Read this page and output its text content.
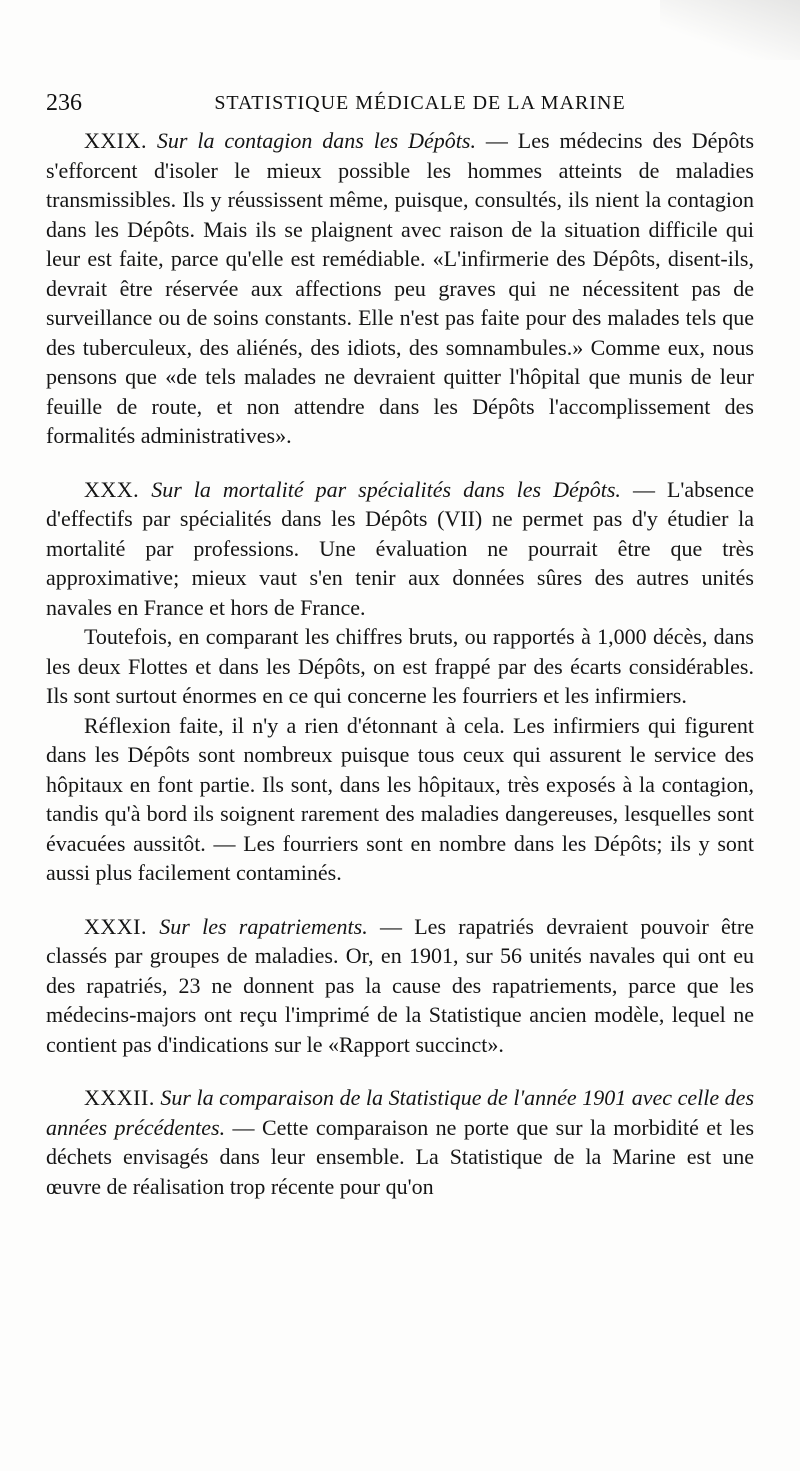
236	STATISTIQUE MÉDICALE DE LA MARINE

XXIX. Sur la contagion dans les Dépôts. — Les médecins des Dépôts s'efforcent d'isoler le mieux possible les hommes atteints de maladies transmissibles. Ils y réussissent même, puisque, consultés, ils nient la contagion dans les Dépôts. Mais ils se plaignent avec raison de la situation difficile qui leur est faite, parce qu'elle est remédiable. «L'infirmerie des Dépôts, disent-ils, devrait être réservée aux affections peu graves qui ne nécessitent pas de surveillance ou de soins constants. Elle n'est pas faite pour des malades tels que des tuberculeux, des aliénés, des idiots, des somnambules.» Comme eux, nous pensons que «de tels malades ne devraient quitter l'hôpital que munis de leur feuille de route, et non attendre dans les Dépôts l'accomplissement des formalités administratives».

XXX. Sur la mortalité par spécialités dans les Dépôts. — L'absence d'effectifs par spécialités dans les Dépôts (VII) ne permet pas d'y étudier la mortalité par professions. Une évaluation ne pourrait être que très approximative; mieux vaut s'en tenir aux données sûres des autres unités navales en France et hors de France.

Toutefois, en comparant les chiffres bruts, ou rapportés à 1,000 décès, dans les deux Flottes et dans les Dépôts, on est frappé par des écarts considérables. Ils sont surtout énormes en ce qui concerne les fourriers et les infirmiers.

Réflexion faite, il n'y a rien d'étonnant à cela. Les infirmiers qui figurent dans les Dépôts sont nombreux puisque tous ceux qui assurent le service des hôpitaux en font partie. Ils sont, dans les hôpitaux, très exposés à la contagion, tandis qu'à bord ils soignent rarement des maladies dangereuses, lesquelles sont évacuées aussitôt. — Les fourriers sont en nombre dans les Dépôts; ils y sont aussi plus facilement contaminés.

XXXI. Sur les rapatriements. — Les rapatriés devraient pouvoir être classés par groupes de maladies. Or, en 1901, sur 56 unités navales qui ont eu des rapatriés, 23 ne donnent pas la cause des rapatriements, parce que les médecins-majors ont reçu l'imprimé de la Statistique ancien modèle, lequel ne contient pas d'indications sur le «Rapport succinct».

XXXII. Sur la comparaison de la Statistique de l'année 1901 avec celle des années précédentes. — Cette comparaison ne porte que sur la morbidité et les déchets envisagés dans leur ensemble. La Statistique de la Marine est une œuvre de réalisation trop récente pour qu'on
